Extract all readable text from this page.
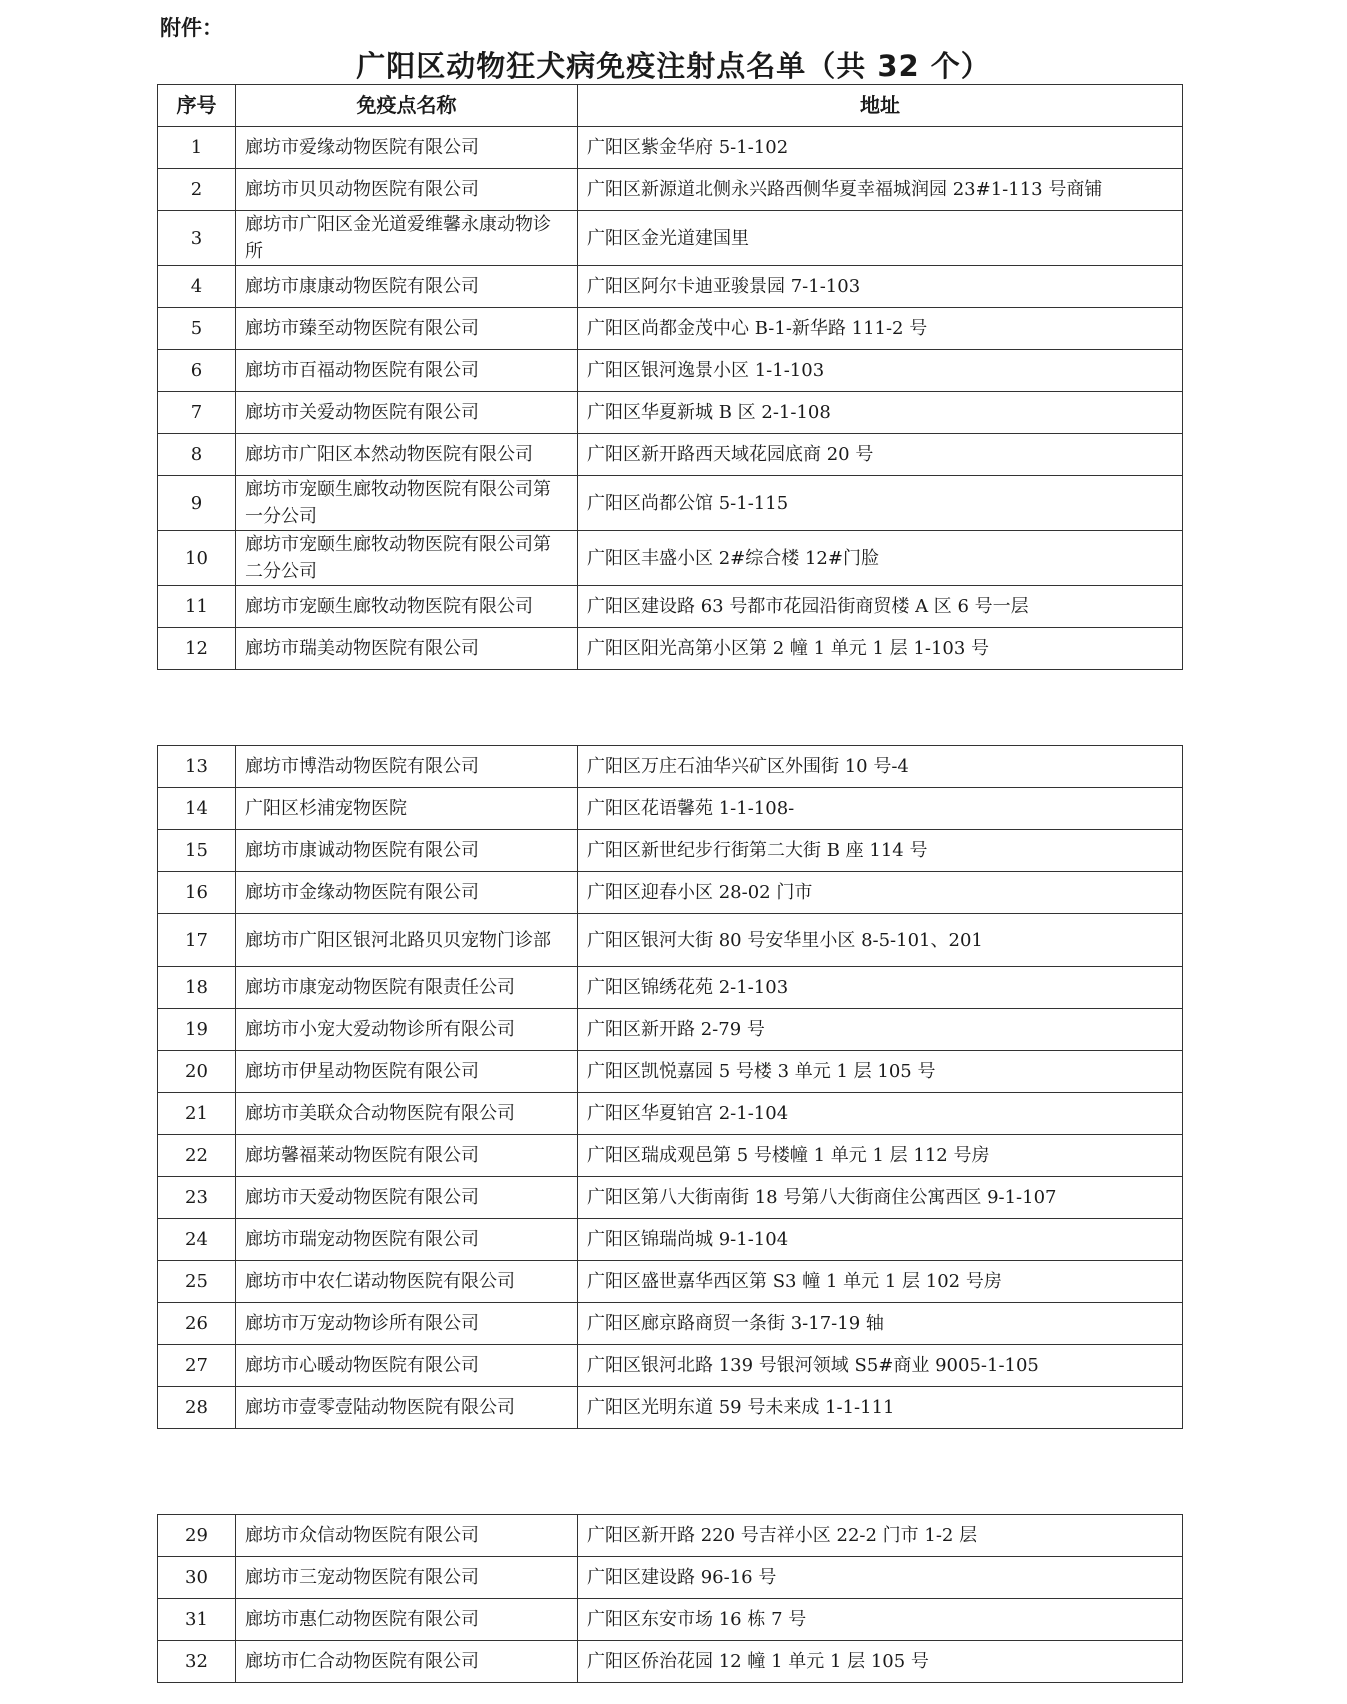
附件：
广阳区动物狂犬病免疫注射点名单（共 32 个）
序号	免疫点名称	地址
1	廊坊市爱缘动物医院有限公司	广阳区紫金华府 5-1-102
2	廊坊市贝贝动物医院有限公司	广阳区新源道北侧永兴路西侧华夏幸福城润园 23#1-113 号商铺
3	廊坊市广阳区金光道爱维馨永康动物诊所	广阳区金光道建国里
4	廊坊市康康动物医院有限公司	广阳区阿尔卡迪亚骏景园 7-1-103
5	廊坊市臻至动物医院有限公司	广阳区尚都金茂中心 B-1-新华路 111-2 号
6	廊坊市百福动物医院有限公司	广阳区银河逸景小区 1-1-103
7	廊坊市关爱动物医院有限公司	广阳区华夏新城 B 区 2-1-108
8	廊坊市广阳区本然动物医院有限公司	广阳区新开路西天域花园底商 20 号
9	廊坊市宠颐生廊牧动物医院有限公司第一分公司	广阳区尚都公馆 5-1-115
10	廊坊市宠颐生廊牧动物医院有限公司第二分公司	广阳区丰盛小区 2#综合楼 12#门脸
11	廊坊市宠颐生廊牧动物医院有限公司	广阳区建设路 63 号都市花园沿街商贸楼 A 区 6 号一层
12	廊坊市瑞美动物医院有限公司	广阳区阳光高第小区第 2 幢 1 单元 1 层 1-103 号
13	廊坊市博浩动物医院有限公司	广阳区万庄石油华兴矿区外围街 10 号-4
14	广阳区杉浦宠物医院	广阳区花语馨苑 1-1-108-
15	廊坊市康诚动物医院有限公司	广阳区新世纪步行街第二大街 B 座 114 号
16	廊坊市金缘动物医院有限公司	广阳区迎春小区 28-02 门市
17	廊坊市广阳区银河北路贝贝宠物门诊部	广阳区银河大街 80 号安华里小区 8-5-101、201
18	廊坊市康宠动物医院有限责任公司	广阳区锦绣花苑 2-1-103
19	廊坊市小宠大爱动物诊所有限公司	广阳区新开路 2-79 号
20	廊坊市伊星动物医院有限公司	广阳区凯悦嘉园 5 号楼 3 单元 1 层 105 号
21	廊坊市美联众合动物医院有限公司	广阳区华夏铂宫 2-1-104
22	廊坊馨福莱动物医院有限公司	广阳区瑞成观邑第 5 号楼幢 1 单元 1 层 112 号房
23	廊坊市天爱动物医院有限公司	广阳区第八大街南街 18 号第八大街商住公寓西区 9-1-107
24	廊坊市瑞宠动物医院有限公司	广阳区锦瑞尚城 9-1-104
25	廊坊市中农仁诺动物医院有限公司	广阳区盛世嘉华西区第 S3 幢 1 单元 1 层 102 号房
26	廊坊市万宠动物诊所有限公司	广阳区廊京路商贸一条街 3-17-19 轴
27	廊坊市心暖动物医院有限公司	广阳区银河北路 139 号银河领域 S5#商业 9005-1-105
28	廊坊市壹零壹陆动物医院有限公司	广阳区光明东道 59 号未来成 1-1-111
29	廊坊市众信动物医院有限公司	广阳区新开路 220 号吉祥小区 22-2 门市 1-2 层
30	廊坊市三宠动物医院有限公司	广阳区建设路 96-16 号
31	廊坊市惠仁动物医院有限公司	广阳区东安市场 16 栋 7 号
32	廊坊市仁合动物医院有限公司	广阳区侨治花园 12 幢 1 单元 1 层 105 号
